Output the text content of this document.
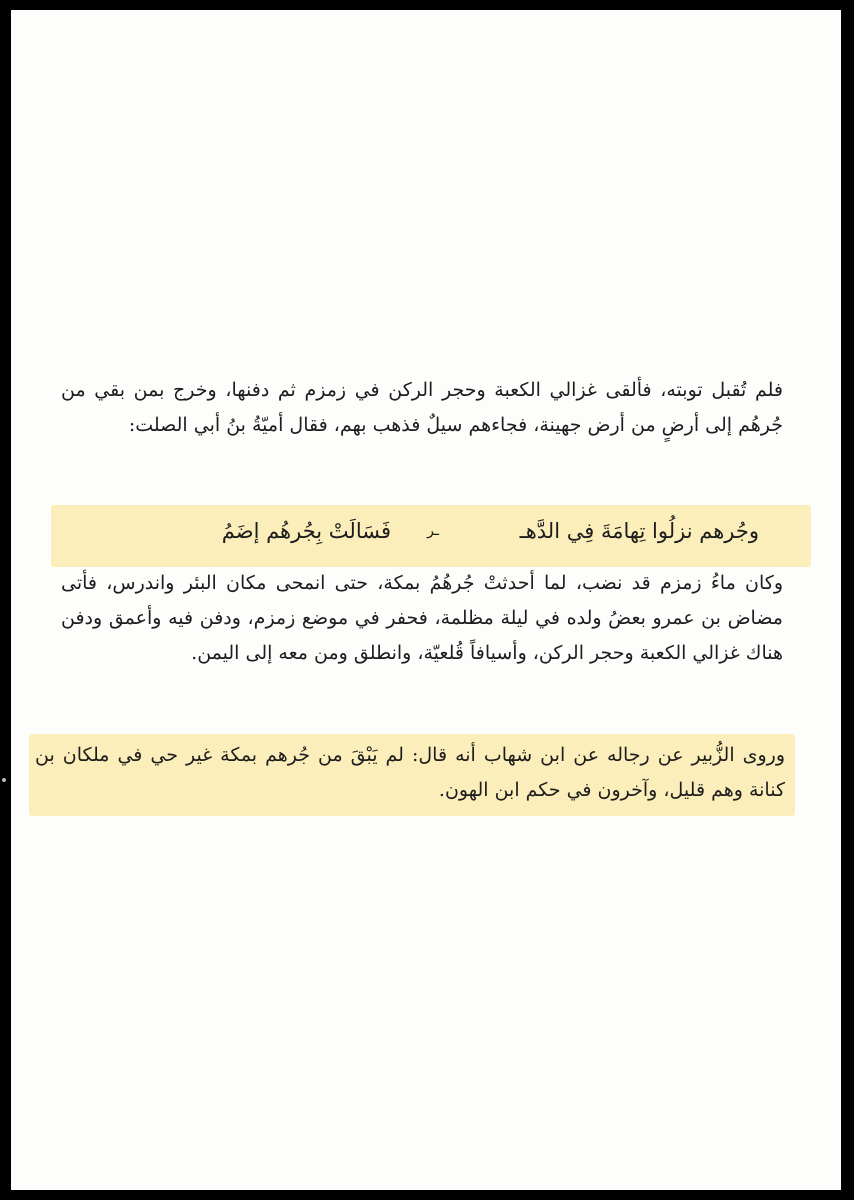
فلم تُقبل توبته، فألقى غزالي الكعبة وحجر الركن في زمزم ثم دفنها، وخرج بمن بقي من جُرهُم إلى أرضٍ من أرض جهينة، فجاءهم سيلٌ فذهب بهم، فقال أميّةُ بنُ أبي الصلت:

وجُرهم نزلُوا تِهامَةَ فِي الدَّهـ
ـر
فَسَالَتْ بِجُرهُم إضَمُ

وكان ماءُ زمزم قد نضب، لما أحدثتْ جُرهُمُ بمكة، حتى انمحى مكان البئر واندرس، فأتى مضاض بن عمرو بعضُ ولده في ليلة مظلمة، فحفر في موضع زمزم، ودفن فيه وأعمق ودفن هناك غزالي الكعبة وحجر الركن، وأسيافاً قُلعيّة، وانطلق ومن معه إلى اليمن.

وروى الزُّبير عن رجاله عن ابن شهاب أنه قال: لم يَبْقَ من جُرهم بمكة غير حي في ملكان بن كنانة وهم قليل، وآخرون في حكم ابن الهون.
